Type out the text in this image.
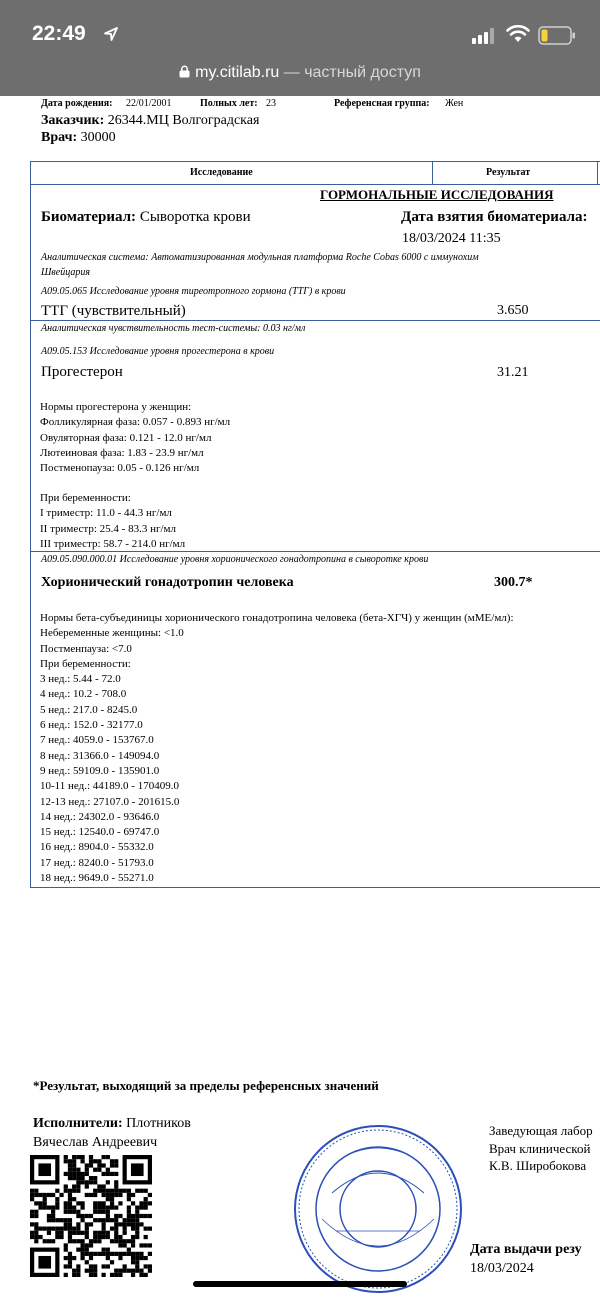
22:49
my.citilab.ru — частный доступ
Дата рождения: 22/01/2001	Полных лет: 23	Референсная группа: Жен
Заказчик: 26344.МЦ Волгоградская
Врач: 30000
Исследование	Результат
ГОРМОНАЛЬНЫЕ ИССЛЕДОВАНИЯ
Биоматериал: Сыворотка крови	Дата взятия биоматериала:
18/03/2024 11:35
Аналитическая система: Автоматизированная модульная платформа Roche Cobas 6000 с иммунохим
Швейцария
A09.05.065 Исследование уровня тиреотропного гормона (ТТГ) в крови
ТТГ (чувствительный)	3.650
Аналитическая чувствительность тест-системы: 0.03 нг/мл
A09.05.153 Исследование уровня прогестерона в крови
Прогестерон	31.21
Нормы прогестерона у женщин:
Фолликулярная фаза: 0.057 - 0.893 нг/мл
Овуляторная фаза: 0.121 - 12.0 нг/мл
Лютеиновая фаза: 1.83 - 23.9 нг/мл
Постменопауза: 0.05 - 0.126 нг/мл
При беременности:
I триместр: 11.0 - 44.3 нг/мл
II триместр: 25.4 - 83.3 нг/мл
III триместр: 58.7 - 214.0 нг/мл
A09.05.090.000.01 Исследование уровня хорионического гонадотропина в сыворотке крови
Хорионический гонадотропин человека	300.7*
Нормы бета-субъединицы хорионического гонадотропина человека (бета-ХГЧ) у женщин (мМЕ/мл):
Небеременные женщины: <1.0
Постменпауза: <7.0
При беременности:
3 нед.: 5.44 - 72.0
4 нед.: 10.2 - 708.0
5 нед.: 217.0 - 8245.0
6 нед.: 152.0 - 32177.0
7 нед.: 4059.0 - 153767.0
8 нед.: 31366.0 - 149094.0
9 нед.: 59109.0 - 135901.0
10-11 нед.: 44189.0 - 170409.0
12-13 нед.: 27107.0 - 201615.0
14 нед.: 24302.0 - 93646.0
15 нед.: 12540.0 - 69747.0
16 нед.: 8904.0 - 55332.0
17 нед.: 8240.0 - 51793.0
18 нед.: 9649.0 - 55271.0
*Результат, выходящий за пределы референсных значений
Исполнители: Плотников
Вячеслав Андреевич
Заведующая лабор
Врач клинической
К.В. Широбокова
Дата выдачи резу
18/03/2024
